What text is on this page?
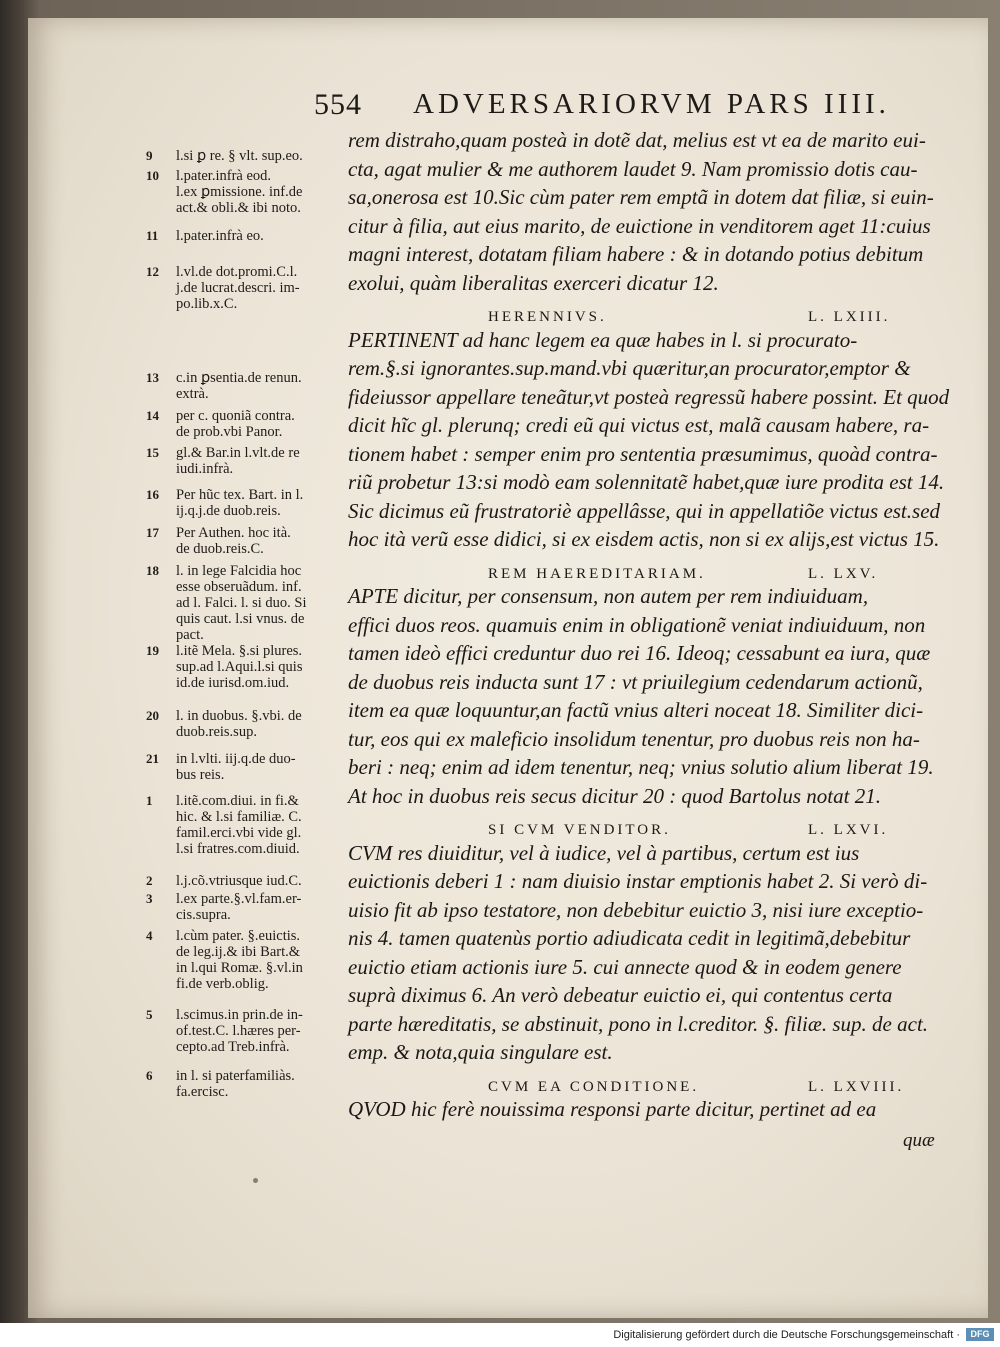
554 ADVERSARIORVM PARS IIII.
9 l.si ꝑ re. § vlt. sup.eo.
10 l.pater.infrà eod.
l.ex ꝑmissione. inf.de
act.& obli.& ibi noto.
11 l.pater.infrà eo.
12 l.vl.de dot.promi.C.l.
j.de lucrat.descri. im-
po.lib.x.C.
13 c.in ꝑsentia.de renun.
extrà.
14 per c. quoniã contra.
de prob.vbi Panor.
15 gl.& Bar.in l.vlt.de re
iudi.infrà.
16 Per hũc tex. Bart. in l.
ij.q.j.de duob.reis.
17 Per Authen. hoc ità.
de duob.reis.C.
18 l. in lege Falcidia hoc
esse obseruãdum. inf.
ad l. Falci. l. si duo. Si
quis caut. l.si vnus. de
pact.
19 l.itẽ Mela. §.si plures.
sup.ad l.Aqui.l.si quis
id.de iurisd.om.iud.
20 l. in duobus. §.vbi. de
duob.reis.sup.
21 in l.vlti. iij.q.de duo-
bus reis.
1 l.itẽ.com.diui. in fi.&
hic. & l.si familiæ. C.
famil.erci.vbi vide gl.
l.si fratres.com.diuid.
2 l.j.cõ.vtriusque iud.C.
3 l.ex parte.§.vl.fam.er-
cis.supra.
4 l.cùm pater. §.euictis.
de leg.ij.& ibi Bart.&
in l.qui Romæ. §.vl.in
fi.de verb.oblig.
5 l.scimus.in prin.de in-
of.test.C. l.hæres per-
cepto.ad Treb.infrà.
6 in l. si paterfamiliàs.
fa.ercisc.
rem distraho,quam posteà in dotẽ dat, melius est vt ea de marito eui-
cta, agat mulier & me authorem laudet 9. Nam promissio dotis cau-
sa,onerosa est 10.Sic cùm pater rem emptã in dotem dat filiæ, si euin-
citur à filia, aut eius marito, de euictione in venditorem aget 11:cuius
magni interest, dotatam filiam habere : & in dotando potius debitum
exolui, quàm liberalitas exerceri dicatur 12.
HERENNIVS.	L. LXIII.
PERTINENT ad hanc legem ea quæ habes in l. si procurato-
rem.§.si ignorantes.sup.mand.vbi quæritur,an procurator,emptor &
fideiussor appellare teneãtur,vt posteà regressũ habere possint. Et quod
dicit hĩc gl. plerunq; credi eũ qui victus est, malã causam habere, ra-
tionem habet : semper enim pro sententia præsumimus, quoàd contra-
riũ probetur 13:si modò eam solennitatẽ habet,quæ iure prodita est 14.
Sic dicimus eũ frustratoriè appellâsse, qui in appellatiõe victus est.sed
hoc ità verũ esse didici, si ex eisdem actis, non si ex alijs,est victus 15.
REM HAEREDITARIAM.	L. LXV.
APTE dicitur, per consensum, non autem per rem indiuiduam,
effici duos reos. quamuis enim in obligationẽ veniat indiuiduum, non
tamen ideò effici creduntur duo rei 16. Ideoq; cessabunt ea iura, quæ
de duobus reis inducta sunt 17 : vt priuilegium cedendarum actionũ,
item ea quæ loquuntur,an factũ vnius alteri noceat 18. Similiter dici-
tur, eos qui ex maleficio insolidum tenentur, pro duobus reis non ha-
beri : neq; enim ad idem tenentur, neq; vnius solutio alium liberat 19.
At hoc in duobus reis secus dicitur 20 : quod Bartolus notat 21.
SI CVM VENDITOR.	L. LXVI.
CVM res diuiditur, vel à iudice, vel à partibus, certum est ius
euictionis deberi 1 : nam diuisio instar emptionis habet 2. Si verò di-
uisio fit ab ipso testatore, non debebitur euictio 3, nisi iure exceptio-
nis 4. tamen quatenùs portio adiudicata cedit in legitimã,debebitur
euictio etiam actionis iure 5. cui annecte quod & in eodem genere
suprà diximus 6. An verò debeatur euictio ei, qui contentus certa
parte hæreditatis, se abstinuit, pono in l.creditor. §. filiæ. sup. de act.
emp. & nota,quia singulare est.
CVM EA CONDITIONE.	L. LXVIII.
QVOD hic ferè nouissima responsi parte dicitur, pertinet ad ea
quæ
Digitalisierung gefördert durch die Deutsche Forschungsgemeinschaft ·	DFG
